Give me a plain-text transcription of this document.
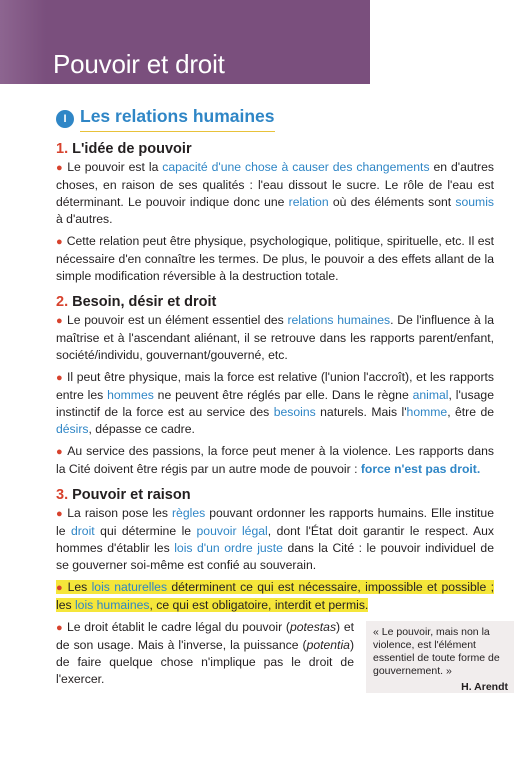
Pouvoir et droit
I Les relations humaines
1. L'idée de pouvoir

● Le pouvoir est la capacité d'une chose à causer des changements en d'autres choses, en raison de ses qualités : l'eau dissout le sucre. Le rôle de l'eau est déterminant. Le pouvoir indique donc une relation où des éléments sont soumis à d'autres.

● Cette relation peut être physique, psychologique, politique, spirituelle, etc. Il est nécessaire d'en connaître les termes. De plus, le pouvoir a des effets allant de la simple modification réversible à la destruction totale.

2. Besoin, désir et droit

● Le pouvoir est un élément essentiel des relations humaines. De l'influence à la maîtrise et à l'ascendant aliénant, il se retrouve dans les rapports parent/enfant, société/individu, gouvernant/gouverné, etc.

● Il peut être physique, mais la force est relative (l'union l'accroît), et les rapports entre les hommes ne peuvent être réglés par elle. Dans le règne animal, l'usage instinctif de la force est au service des besoins naturels. Mais l'homme, être de désirs, dépasse ce cadre.

● Au service des passions, la force peut mener à la violence. Les rapports dans la Cité doivent être régis par un autre mode de pouvoir : force n'est pas droit.

3. Pouvoir et raison

● La raison pose les règles pouvant ordonner les rapports humains. Elle institue le droit qui détermine le pouvoir légal, dont l'État doit garantir le respect. Aux hommes d'établir les lois d'un ordre juste dans la Cité : le pouvoir individuel de se gouverner soi-même est confié au souverain.

● Les lois naturelles déterminent ce qui est nécessaire, impossible et possible ; les lois humaines, ce qui est obligatoire, interdit et permis.

● Le droit établit le cadre légal du pouvoir (potestas) et de son usage. Mais à l'inverse, la puissance (potentia) de faire quelque chose n'implique pas le droit de l'exercer.

« Le pouvoir, mais non la violence, est l'élément essentiel de toute forme de gouvernement. »
H. Arendt
